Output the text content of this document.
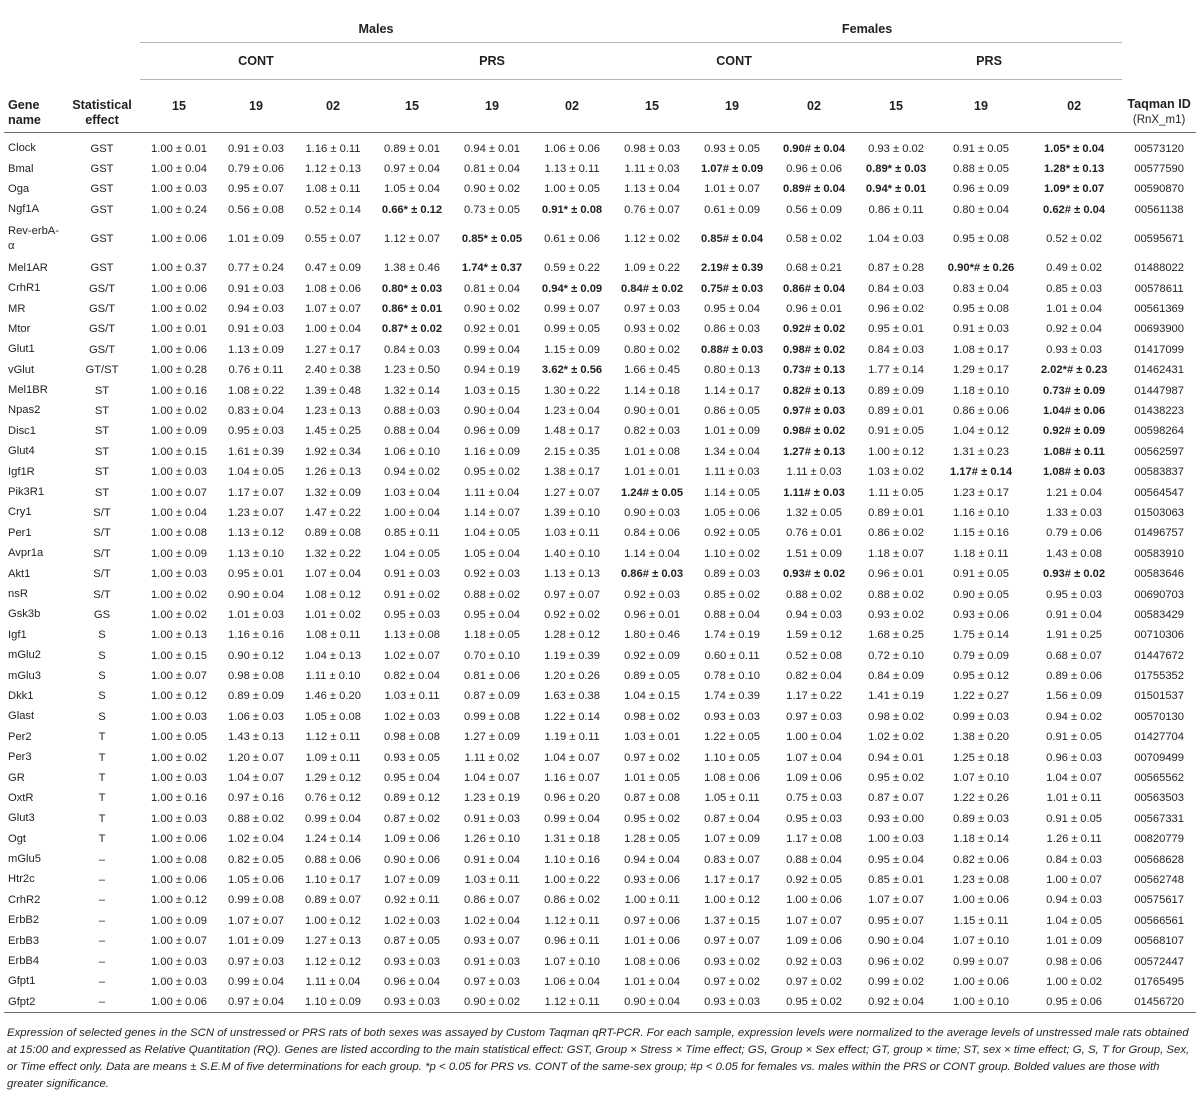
		Males						Females						
		CONT			PRS			CONT			PRS			
Gene name	Statistical effect	15	19	02	15	19	02	15	19	02	15	19	02	Taqman ID
(RnX_m1)

Clock	GST	1.00 ± 0.01	0.91 ± 0.03	1.16 ± 0.11	0.89 ± 0.01	0.94 ± 0.01	1.06 ± 0.06	0.98 ± 0.03	0.93 ± 0.05	0.90# ± 0.04	0.93 ± 0.02	0.91 ± 0.05	1.05* ± 0.04	00573120
Bmal	GST	1.00 ± 0.04	0.79 ± 0.06	1.12 ± 0.13	0.97 ± 0.04	0.81 ± 0.04	1.13 ± 0.11	1.11 ± 0.03	1.07# ± 0.09	0.96 ± 0.06	0.89* ± 0.03	0.88 ± 0.05	1.28* ± 0.13	00577590
Oga	GST	1.00 ± 0.03	0.95 ± 0.07	1.08 ± 0.11	1.05 ± 0.04	0.90 ± 0.02	1.00 ± 0.05	1.13 ± 0.04	1.01 ± 0.07	0.89# ± 0.04	0.94* ± 0.01	0.96 ± 0.09	1.09* ± 0.07	00590870
Ngf1A	GST	1.00 ± 0.24	0.56 ± 0.08	0.52 ± 0.14	0.66* ± 0.12	0.73 ± 0.05	0.91* ± 0.08	0.76 ± 0.07	0.61 ± 0.09	0.56 ± 0.09	0.86 ± 0.11	0.80 ± 0.04	0.62# ± 0.04	00561138
Rev-erbA-α	GST	1.00 ± 0.06	1.01 ± 0.09	0.55 ± 0.07	1.12 ± 0.07	0.85* ± 0.05	0.61 ± 0.06	1.12 ± 0.02	0.85# ± 0.04	0.58 ± 0.02	1.04 ± 0.03	0.95 ± 0.08	0.52 ± 0.02	00595671
Mel1AR	GST	1.00 ± 0.37	0.77 ± 0.24	0.47 ± 0.09	1.38 ± 0.46	1.74* ± 0.37	0.59 ± 0.22	1.09 ± 0.22	2.19# ± 0.39	0.68 ± 0.21	0.87 ± 0.28	0.90*# ± 0.26	0.49 ± 0.02	01488022
CrhR1	GS/T	1.00 ± 0.06	0.91 ± 0.03	1.08 ± 0.06	0.80* ± 0.03	0.81 ± 0.04	0.94* ± 0.09	0.84# ± 0.02	0.75# ± 0.03	0.86# ± 0.04	0.84 ± 0.03	0.83 ± 0.04	0.85 ± 0.03	00578611
MR	GS/T	1.00 ± 0.02	0.94 ± 0.03	1.07 ± 0.07	0.86* ± 0.01	0.90 ± 0.02	0.99 ± 0.07	0.97 ± 0.03	0.95 ± 0.04	0.96 ± 0.01	0.96 ± 0.02	0.95 ± 0.08	1.01 ± 0.04	00561369
Mtor	GS/T	1.00 ± 0.01	0.91 ± 0.03	1.00 ± 0.04	0.87* ± 0.02	0.92 ± 0.01	0.99 ± 0.05	0.93 ± 0.02	0.86 ± 0.03	0.92# ± 0.02	0.95 ± 0.01	0.91 ± 0.03	0.92 ± 0.04	00693900
Glut1	GS/T	1.00 ± 0.06	1.13 ± 0.09	1.27 ± 0.17	0.84 ± 0.03	0.99 ± 0.04	1.15 ± 0.09	0.80 ± 0.02	0.88# ± 0.03	0.98# ± 0.02	0.84 ± 0.03	1.08 ± 0.17	0.93 ± 0.03	01417099
vGlut	GT/ST	1.00 ± 0.28	0.76 ± 0.11	2.40 ± 0.38	1.23 ± 0.50	0.94 ± 0.19	3.62* ± 0.56	1.66 ± 0.45	0.80 ± 0.13	0.73# ± 0.13	1.77 ± 0.14	1.29 ± 0.17	2.02*# ± 0.23	01462431
Mel1BR	ST	1.00 ± 0.16	1.08 ± 0.22	1.39 ± 0.48	1.32 ± 0.14	1.03 ± 0.15	1.30 ± 0.22	1.14 ± 0.18	1.14 ± 0.17	0.82# ± 0.13	0.89 ± 0.09	1.18 ± 0.10	0.73# ± 0.09	01447987
Npas2	ST	1.00 ± 0.02	0.83 ± 0.04	1.23 ± 0.13	0.88 ± 0.03	0.90 ± 0.04	1.23 ± 0.04	0.90 ± 0.01	0.86 ± 0.05	0.97# ± 0.03	0.89 ± 0.01	0.86 ± 0.06	1.04# ± 0.06	01438223
Disc1	ST	1.00 ± 0.09	0.95 ± 0.03	1.45 ± 0.25	0.88 ± 0.04	0.96 ± 0.09	1.48 ± 0.17	0.82 ± 0.03	1.01 ± 0.09	0.98# ± 0.02	0.91 ± 0.05	1.04 ± 0.12	0.92# ± 0.09	00598264
Glut4	ST	1.00 ± 0.15	1.61 ± 0.39	1.92 ± 0.34	1.06 ± 0.10	1.16 ± 0.09	2.15 ± 0.35	1.01 ± 0.08	1.34 ± 0.04	1.27# ± 0.13	1.00 ± 0.12	1.31 ± 0.23	1.08# ± 0.11	00562597
Igf1R	ST	1.00 ± 0.03	1.04 ± 0.05	1.26 ± 0.13	0.94 ± 0.02	0.95 ± 0.02	1.38 ± 0.17	1.01 ± 0.01	1.11 ± 0.03	1.11 ± 0.03	1.03 ± 0.02	1.17# ± 0.14	1.08# ± 0.03	00583837
Pik3R1	ST	1.00 ± 0.07	1.17 ± 0.07	1.32 ± 0.09	1.03 ± 0.04	1.11 ± 0.04	1.27 ± 0.07	1.24# ± 0.05	1.14 ± 0.05	1.11# ± 0.03	1.11 ± 0.05	1.23 ± 0.17	1.21 ± 0.04	00564547
Cry1	S/T	1.00 ± 0.04	1.23 ± 0.07	1.47 ± 0.22	1.00 ± 0.04	1.14 ± 0.07	1.39 ± 0.10	0.90 ± 0.03	1.05 ± 0.06	1.32 ± 0.05	0.89 ± 0.01	1.16 ± 0.10	1.33 ± 0.03	01503063
Per1	S/T	1.00 ± 0.08	1.13 ± 0.12	0.89 ± 0.08	0.85 ± 0.11	1.04 ± 0.05	1.03 ± 0.11	0.84 ± 0.06	0.92 ± 0.05	0.76 ± 0.01	0.86 ± 0.02	1.15 ± 0.16	0.79 ± 0.06	01496757
Avpr1a	S/T	1.00 ± 0.09	1.13 ± 0.10	1.32 ± 0.22	1.04 ± 0.05	1.05 ± 0.04	1.40 ± 0.10	1.14 ± 0.04	1.10 ± 0.02	1.51 ± 0.09	1.18 ± 0.07	1.18 ± 0.11	1.43 ± 0.08	00583910
Akt1	S/T	1.00 ± 0.03	0.95 ± 0.01	1.07 ± 0.04	0.91 ± 0.03	0.92 ± 0.03	1.13 ± 0.13	0.86# ± 0.03	0.89 ± 0.03	0.93# ± 0.02	0.96 ± 0.01	0.91 ± 0.05	0.93# ± 0.02	00583646
nsR	S/T	1.00 ± 0.02	0.90 ± 0.04	1.08 ± 0.12	0.91 ± 0.02	0.88 ± 0.02	0.97 ± 0.07	0.92 ± 0.03	0.85 ± 0.02	0.88 ± 0.02	0.88 ± 0.02	0.90 ± 0.05	0.95 ± 0.03	00690703
Gsk3b	GS	1.00 ± 0.02	1.01 ± 0.03	1.01 ± 0.02	0.95 ± 0.03	0.95 ± 0.04	0.92 ± 0.02	0.96 ± 0.01	0.88 ± 0.04	0.94 ± 0.03	0.93 ± 0.02	0.93 ± 0.06	0.91 ± 0.04	00583429
Igf1	S	1.00 ± 0.13	1.16 ± 0.16	1.08 ± 0.11	1.13 ± 0.08	1.18 ± 0.05	1.28 ± 0.12	1.80 ± 0.46	1.74 ± 0.19	1.59 ± 0.12	1.68 ± 0.25	1.75 ± 0.14	1.91 ± 0.25	00710306
mGlu2	S	1.00 ± 0.15	0.90 ± 0.12	1.04 ± 0.13	1.02 ± 0.07	0.70 ± 0.10	1.19 ± 0.39	0.92 ± 0.09	0.60 ± 0.11	0.52 ± 0.08	0.72 ± 0.10	0.79 ± 0.09	0.68 ± 0.07	01447672
mGlu3	S	1.00 ± 0.07	0.98 ± 0.08	1.11 ± 0.10	0.82 ± 0.04	0.81 ± 0.06	1.20 ± 0.26	0.89 ± 0.05	0.78 ± 0.10	0.82 ± 0.04	0.84 ± 0.09	0.95 ± 0.12	0.89 ± 0.06	01755352
Dkk1	S	1.00 ± 0.12	0.89 ± 0.09	1.46 ± 0.20	1.03 ± 0.11	0.87 ± 0.09	1.63 ± 0.38	1.04 ± 0.15	1.74 ± 0.39	1.17 ± 0.22	1.41 ± 0.19	1.22 ± 0.27	1.56 ± 0.09	01501537
Glast	S	1.00 ± 0.03	1.06 ± 0.03	1.05 ± 0.08	1.02 ± 0.03	0.99 ± 0.08	1.22 ± 0.14	0.98 ± 0.02	0.93 ± 0.03	0.97 ± 0.03	0.98 ± 0.02	0.99 ± 0.03	0.94 ± 0.02	00570130
Per2	T	1.00 ± 0.05	1.43 ± 0.13	1.12 ± 0.11	0.98 ± 0.08	1.27 ± 0.09	1.19 ± 0.11	1.03 ± 0.01	1.22 ± 0.05	1.00 ± 0.04	1.02 ± 0.02	1.38 ± 0.20	0.91 ± 0.05	01427704
Per3	T	1.00 ± 0.02	1.20 ± 0.07	1.09 ± 0.11	0.93 ± 0.05	1.11 ± 0.02	1.04 ± 0.07	0.97 ± 0.02	1.10 ± 0.05	1.07 ± 0.04	0.94 ± 0.01	1.25 ± 0.18	0.96 ± 0.03	00709499
GR	T	1.00 ± 0.03	1.04 ± 0.07	1.29 ± 0.12	0.95 ± 0.04	1.04 ± 0.07	1.16 ± 0.07	1.01 ± 0.05	1.08 ± 0.06	1.09 ± 0.06	0.95 ± 0.02	1.07 ± 0.10	1.04 ± 0.07	00565562
OxtR	T	1.00 ± 0.16	0.97 ± 0.16	0.76 ± 0.12	0.89 ± 0.12	1.23 ± 0.19	0.96 ± 0.20	0.87 ± 0.08	1.05 ± 0.11	0.75 ± 0.03	0.87 ± 0.07	1.22 ± 0.26	1.01 ± 0.11	00563503
Glut3	T	1.00 ± 0.03	0.88 ± 0.02	0.99 ± 0.04	0.87 ± 0.02	0.91 ± 0.03	0.99 ± 0.04	0.95 ± 0.02	0.87 ± 0.04	0.95 ± 0.03	0.93 ± 0.00	0.89 ± 0.03	0.91 ± 0.05	00567331
Ogt	T	1.00 ± 0.06	1.02 ± 0.04	1.24 ± 0.14	1.09 ± 0.06	1.26 ± 0.10	1.31 ± 0.18	1.28 ± 0.05	1.07 ± 0.09	1.17 ± 0.08	1.00 ± 0.03	1.18 ± 0.14	1.26 ± 0.11	00820779
mGlu5	–	1.00 ± 0.08	0.82 ± 0.05	0.88 ± 0.06	0.90 ± 0.06	0.91 ± 0.04	1.10 ± 0.16	0.94 ± 0.04	0.83 ± 0.07	0.88 ± 0.04	0.95 ± 0.04	0.82 ± 0.06	0.84 ± 0.03	00568628
Htr2c	–	1.00 ± 0.06	1.05 ± 0.06	1.10 ± 0.17	1.07 ± 0.09	1.03 ± 0.11	1.00 ± 0.22	0.93 ± 0.06	1.17 ± 0.17	0.92 ± 0.05	0.85 ± 0.01	1.23 ± 0.08	1.00 ± 0.07	00562748
CrhR2	–	1.00 ± 0.12	0.99 ± 0.08	0.89 ± 0.07	0.92 ± 0.11	0.86 ± 0.07	0.86 ± 0.02	1.00 ± 0.11	1.00 ± 0.12	1.00 ± 0.06	1.07 ± 0.07	1.00 ± 0.06	0.94 ± 0.03	00575617
ErbB2	–	1.00 ± 0.09	1.07 ± 0.07	1.00 ± 0.12	1.02 ± 0.03	1.02 ± 0.04	1.12 ± 0.11	0.97 ± 0.06	1.37 ± 0.15	1.07 ± 0.07	0.95 ± 0.07	1.15 ± 0.11	1.04 ± 0.05	00566561
ErbB3	–	1.00 ± 0.07	1.01 ± 0.09	1.27 ± 0.13	0.87 ± 0.05	0.93 ± 0.07	0.96 ± 0.11	1.01 ± 0.06	0.97 ± 0.07	1.09 ± 0.06	0.90 ± 0.04	1.07 ± 0.10	1.01 ± 0.09	00568107
ErbB4	–	1.00 ± 0.03	0.97 ± 0.03	1.12 ± 0.12	0.93 ± 0.03	0.91 ± 0.03	1.07 ± 0.10	1.08 ± 0.06	0.93 ± 0.02	0.92 ± 0.03	0.96 ± 0.02	0.99 ± 0.07	0.98 ± 0.06	00572447
Gfpt1	–	1.00 ± 0.03	0.99 ± 0.04	1.11 ± 0.04	0.96 ± 0.04	0.97 ± 0.03	1.06 ± 0.04	1.01 ± 0.04	0.97 ± 0.02	0.97 ± 0.02	0.99 ± 0.02	1.00 ± 0.06	1.00 ± 0.02	01765495
Gfpt2	–	1.00 ± 0.06	0.97 ± 0.04	1.10 ± 0.09	0.93 ± 0.03	0.90 ± 0.02	1.12 ± 0.11	0.90 ± 0.04	0.93 ± 0.03	0.95 ± 0.02	0.92 ± 0.04	1.00 ± 0.10	0.95 ± 0.06	01456720

Expression of selected genes in the SCN of unstressed or PRS rats of both sexes was assayed by Custom Taqman qRT-PCR. For each sample, expression levels were normalized to the average levels of unstressed male rats obtained at 15:00 and expressed as Relative Quantitation (RQ). Genes are listed according to the main statistical effect: GST, Group × Stress × Time effect; GS, Group × Sex effect; GT, group × time; ST, sex × time effect; G, S, T for Group, Sex, or Time effect only. Data are means ± S.E.M of five determinations for each group. *p < 0.05 for PRS vs. CONT of the same-sex group; #p < 0.05 for females vs. males within the PRS or CONT group. Bolded values are those with greater significance.
